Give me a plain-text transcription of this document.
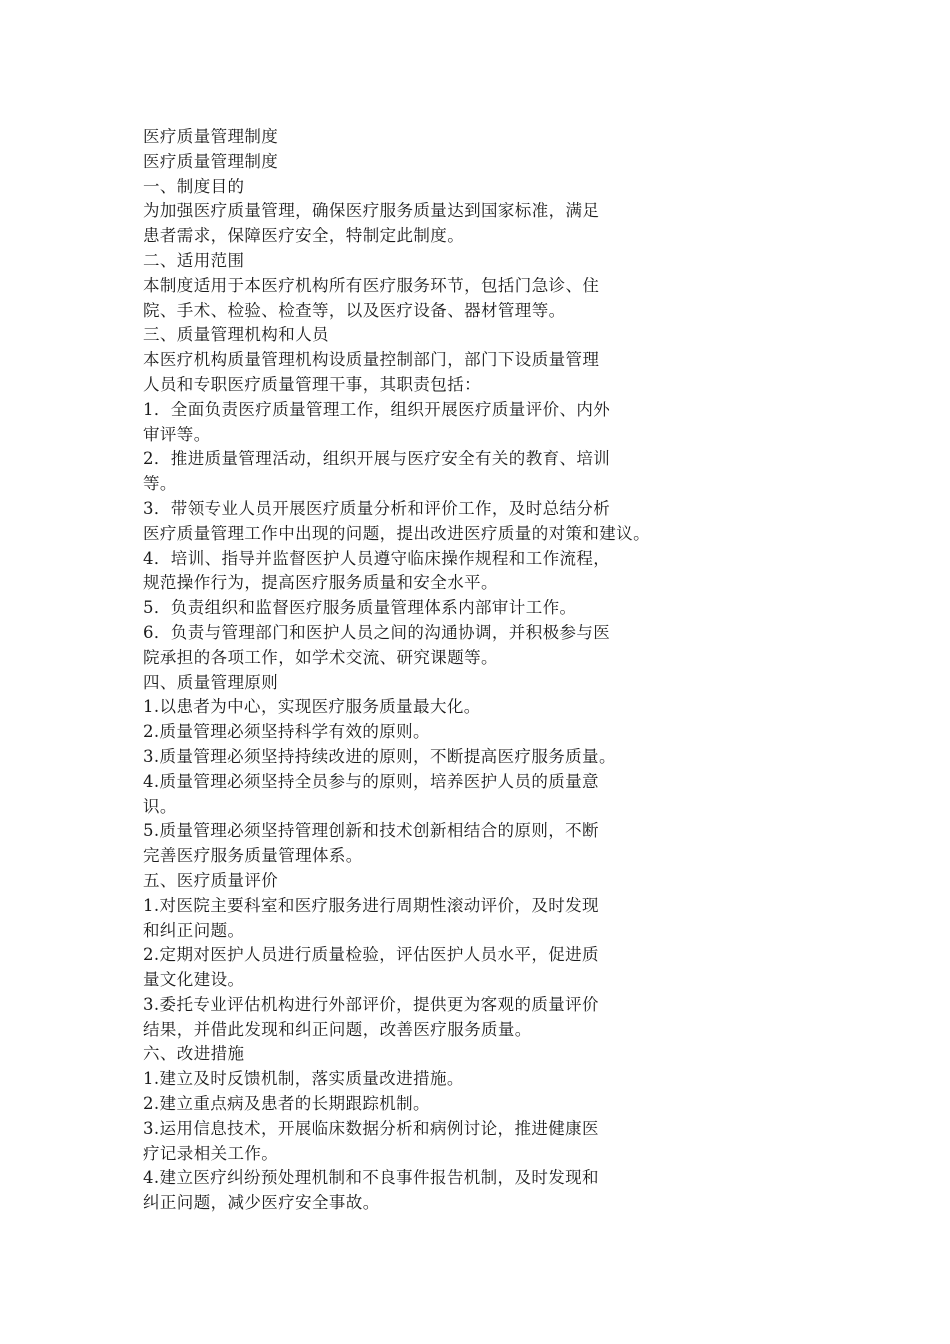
医疗质量管理制度
医疗质量管理制度
一、制度目的
为加强医疗质量管理，确保医疗服务质量达到国家标准，满足
患者需求，保障医疗安全，特制定此制度。
二、适用范围
本制度适用于本医疗机构所有医疗服务环节，包括门急诊、住
院、手术、检验、检查等，以及医疗设备、器材管理等。
三、质量管理机构和人员
本医疗机构质量管理机构设质量控制部门，部门下设质量管理
人员和专职医疗质量管理干事，其职责包括：
1．全面负责医疗质量管理工作，组织开展医疗质量评价、内外
审评等。
2．推进质量管理活动，组织开展与医疗安全有关的教育、培训
等。
3．带领专业人员开展医疗质量分析和评价工作，及时总结分析
医疗质量管理工作中出现的问题，提出改进医疗质量的对策和建议。
4．培训、指导并监督医护人员遵守临床操作规程和工作流程，
规范操作行为，提高医疗服务质量和安全水平。
5．负责组织和监督医疗服务质量管理体系内部审计工作。
6．负责与管理部门和医护人员之间的沟通协调，并积极参与医
院承担的各项工作，如学术交流、研究课题等。
四、质量管理原则
1.以患者为中心，实现医疗服务质量最大化。
2.质量管理必须坚持科学有效的原则。
3.质量管理必须坚持持续改进的原则，不断提高医疗服务质量。
4.质量管理必须坚持全员参与的原则，培养医护人员的质量意
识。
5.质量管理必须坚持管理创新和技术创新相结合的原则，不断
完善医疗服务质量管理体系。
五、医疗质量评价
1.对医院主要科室和医疗服务进行周期性滚动评价，及时发现
和纠正问题。
2.定期对医护人员进行质量检验，评估医护人员水平，促进质
量文化建设。
3.委托专业评估机构进行外部评价，提供更为客观的质量评价
结果，并借此发现和纠正问题，改善医疗服务质量。
六、改进措施
1.建立及时反馈机制，落实质量改进措施。
2.建立重点病及患者的长期跟踪机制。
3.运用信息技术，开展临床数据分析和病例讨论，推进健康医
疗记录相关工作。
4.建立医疗纠纷预处理机制和不良事件报告机制，及时发现和
纠正问题，减少医疗安全事故。
